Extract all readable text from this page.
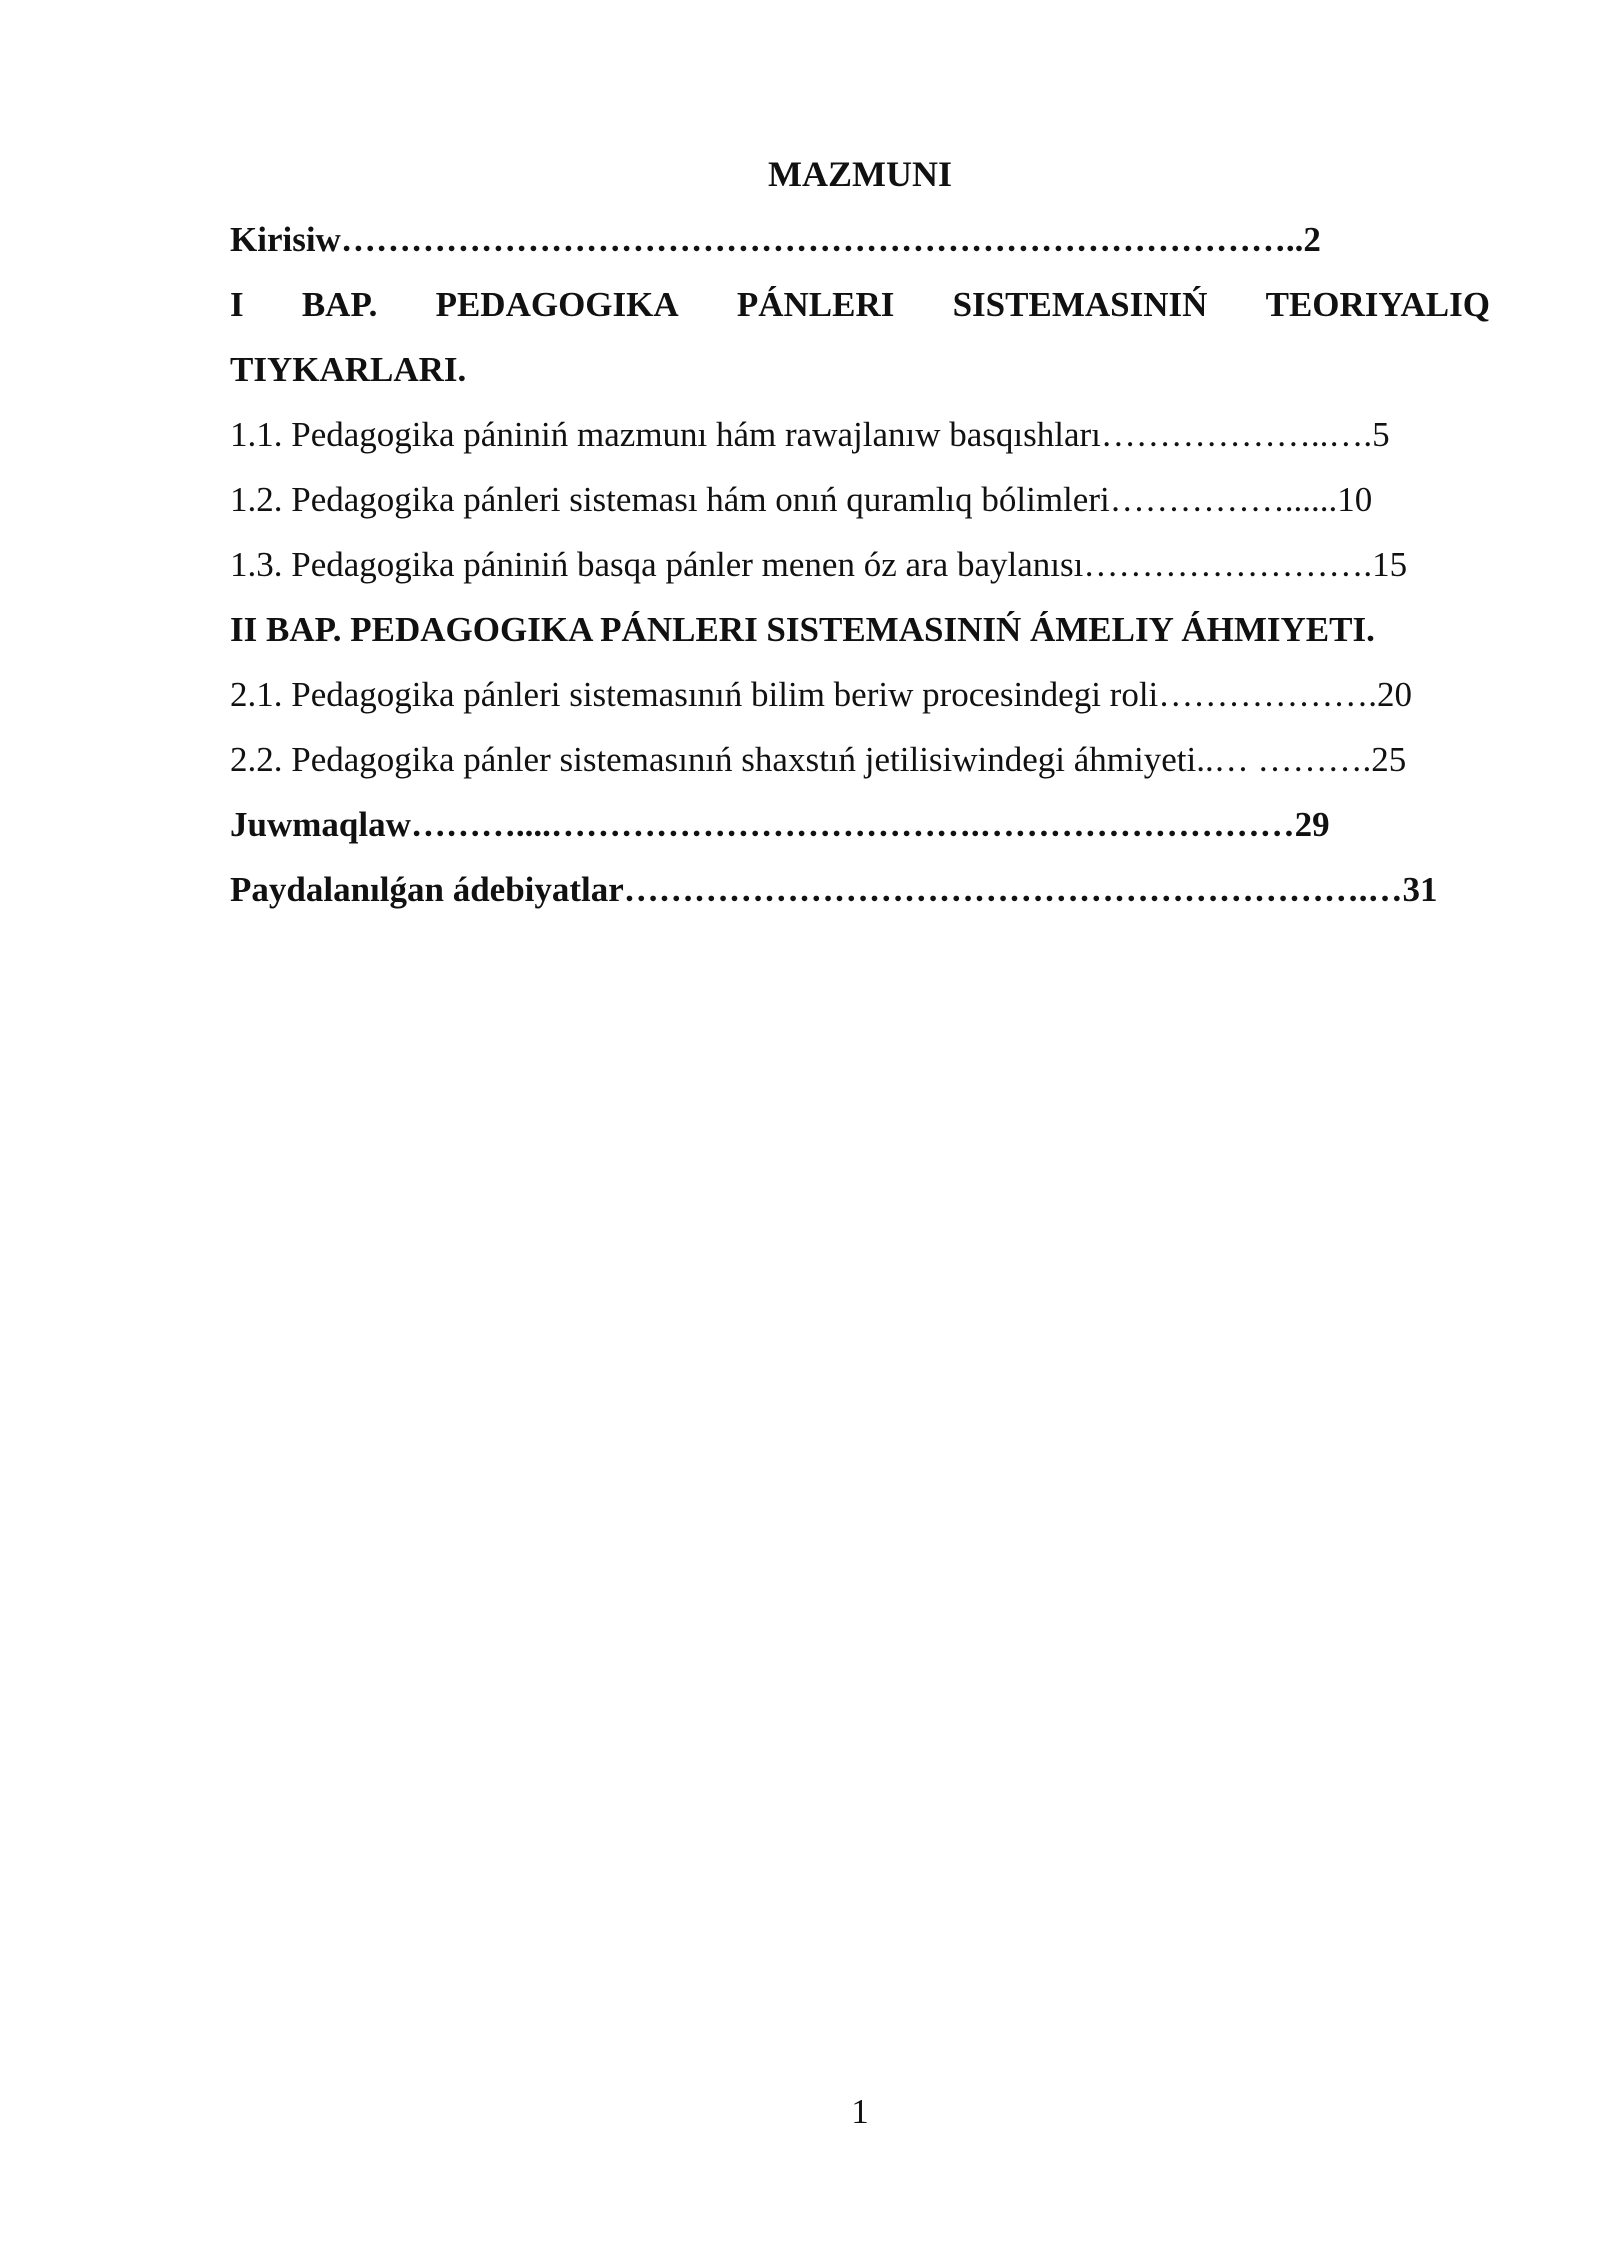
MAZMUNI
Kirisiw………………………………………………………………………..2
I BAP. PEDAGOGIKA PÁNLERI SISTEMASINIŃ TEORIYALIQ
TIYKARLARI.
1.1. Pedagogika pániniń mazmunı hám rawajlanıw basqıshları………………..….5
1.2. Pedagogika pánleri sisteması hám onıń quramlıq bólimleri……………......10
1.3. Pedagogika pániniń basqa pánler menen óz ara baylanısı…………………….15
II BAP. PEDAGOGIKA PÁNLERI SISTEMASINIŃ ÁMELIY ÁHMIYETI.
2.1. Pedagogika pánleri sistemasınıń bilim beriw procesindegi roli……………….20
2.2. Pedagogika pánler sistemasınıń shaxstıń jetilisiwindegi áhmiyeti..… ……….25
Juwmaqlaw………....……………………………….………………………29
Paydalanılǵan ádebiyatlar……………………………………………………….…31
1
